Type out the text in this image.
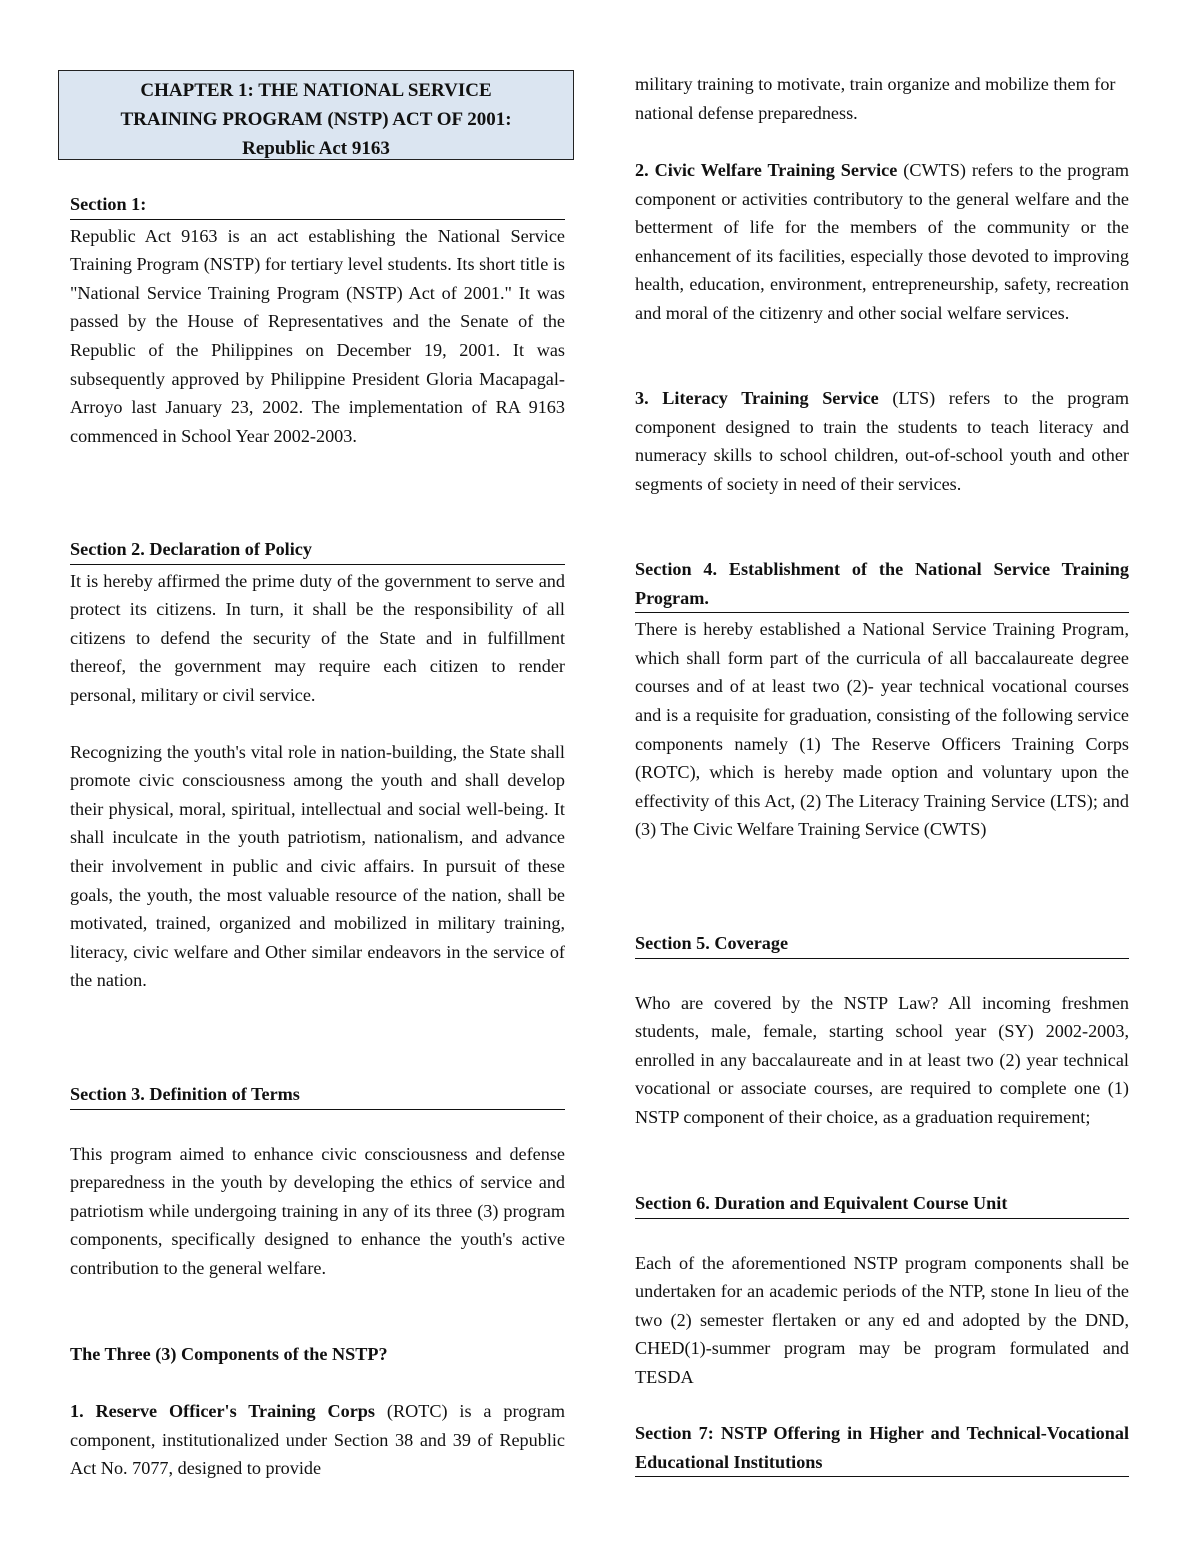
CHAPTER 1: THE NATIONAL SERVICE
TRAINING PROGRAM (NSTP) ACT OF 2001:
Republic Act 9163
Section 1:

Republic Act 9163 is an act establishing the National Service Training Program (NSTP) for tertiary level students. Its short title is "National Service Training Program (NSTP) Act of 2001." It was passed by the House of Representatives and the Senate of the Republic of the Philippines on December 19, 2001. It was subsequently approved by Philippine President Gloria Macapagal- Arroyo last January 23, 2002. The implementation of RA 9163 commenced in School Year 2002-2003.

Section 2. Declaration of Policy

It is hereby affirmed the prime duty of the government to serve and protect its citizens. In turn, it shall be the responsibility of all citizens to defend the security of the State and in fulfillment thereof, the government may require each citizen to render personal, military or civil service.

Recognizing the youth's vital role in nation-building, the State shall promote civic consciousness among the youth and shall develop their physical, moral, spiritual, intellectual and social well-being. It shall inculcate in the youth patriotism, nationalism, and advance their involvement in public and civic affairs. In pursuit of these goals, the youth, the most valuable resource of the nation, shall be motivated, trained, organized and mobilized in military training, literacy, civic welfare and Other similar endeavors in the service of the nation.

Section 3. Definition of Terms

This program aimed to enhance civic consciousness and defense preparedness in the youth by developing the ethics of service and patriotism while undergoing training in any of its three (3) program components, specifically designed to enhance the youth's active contribution to the general welfare.

The Three (3) Components of the NSTP?

1. Reserve Officer's Training Corps (ROTC) is a program component, institutionalized under Section 38 and 39 of Republic Act No. 7077, designed to provide

military training to motivate, train organize and mobilize them for national defense preparedness.

2. Civic Welfare Training Service (CWTS) refers to the program component or activities contributory to the general welfare and the betterment of life for the members of the community or the enhancement of its facilities, especially those devoted to improving health, education, environment, entrepreneurship, safety, recreation and moral of the citizenry and other social welfare services.

3. Literacy Training Service (LTS) refers to the program component designed to train the students to teach literacy and numeracy skills to school children, out-of-school youth and other segments of society in need of their services.

Section 4. Establishment of the National Service Training Program.

There is hereby established a National Service Training Program, which shall form part of the curricula of all baccalaureate degree courses and of at least two (2)- year technical vocational courses and is a requisite for graduation, consisting of the following service components namely (1) The Reserve Officers Training Corps (ROTC), which is hereby made option and voluntary upon the effectivity of this Act, (2) The Literacy Training Service (LTS); and (3) The Civic Welfare Training Service (CWTS)

Section 5. Coverage

Who are covered by the NSTP Law? All incoming freshmen students, male, female, starting school year (SY) 2002-2003, enrolled in any baccalaureate and in at least two (2) year technical vocational or associate courses, are required to complete one (1) NSTP component of their choice, as a graduation requirement;

Section 6. Duration and Equivalent Course Unit

Each of the aforementioned NSTP program components shall be undertaken for an academic periods of the NTP, stone In lieu of the two (2) semester flertaken or any ed and adopted by the DND, CHED(1)-summer program may be program formulated and TESDA

Section 7: NSTP Offering in Higher and Technical-Vocational Educational Institutions
